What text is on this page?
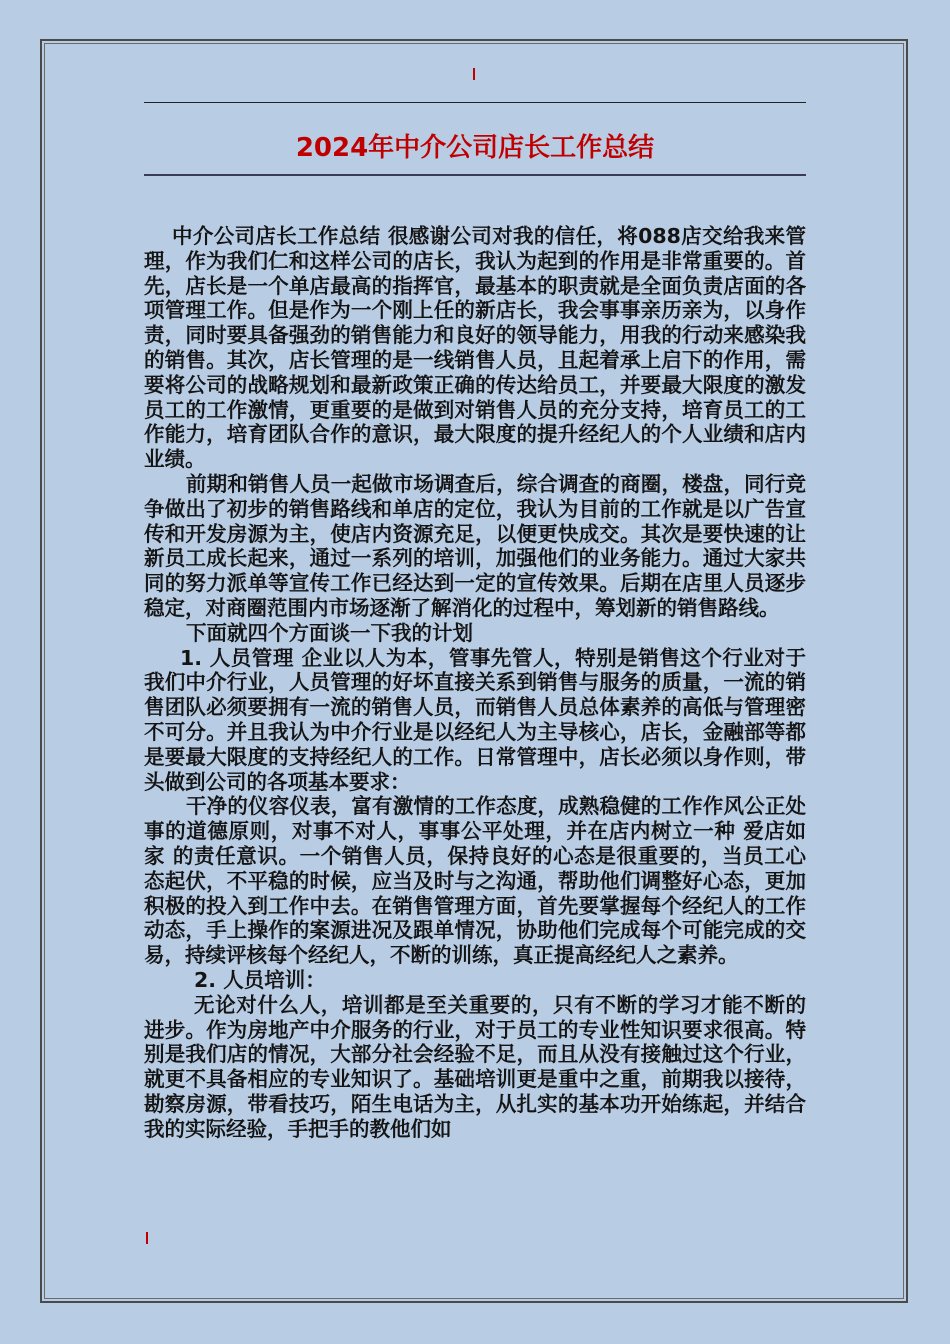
2024年中介公司店长工作总结

中介公司店长工作总结 很感谢公司对我的信任，将088店交给我来管理，作为我们仁和这样公司的店长，我认为起到的作用是非常重要的。首先，店长是一个单店最高的指挥官，最基本的职责就是全面负责店面的各项管理工作。但是作为一个刚上任的新店长，我会事事亲历亲为，以身作责，同时要具备强劲的销售能力和良好的领导能力，用我的行动来感染我的销售。其次，店长管理的是一线销售人员，且起着承上启下的作用，需要将公司的战略规划和最新政策正确的传达给员工，并要最大限度的激发员工的工作激情，更重要的是做到对销售人员的充分支持，培育员工的工作能力，培育团队合作的意识，最大限度的提升经纪人的个人业绩和店内业绩。

前期和销售人员一起做市场调查后，综合调查的商圈，楼盘，同行竞争做出了初步的销售路线和单店的定位，我认为目前的工作就是以广告宣传和开发房源为主，使店内资源充足，以便更快成交。其次是要快速的让新员工成长起来，通过一系列的培训，加强他们的业务能力。通过大家共同的努力派单等宣传工作已经达到一定的宣传效果。后期在店里人员逐步稳定，对商圈范围内市场逐渐了解消化的过程中，筹划新的销售路线。

下面就四个方面谈一下我的计划

1. 人员管理 企业以人为本，管事先管人，特别是销售这个行业对于我们中介行业，人员管理的好坏直接关系到销售与服务的质量，一流的销售团队必须要拥有一流的销售人员，而销售人员总体素养的高低与管理密不可分。并且我认为中介行业是以经纪人为主导核心，店长，金融部等都是要最大限度的支持经纪人的工作。日常管理中，店长必须以身作则，带头做到公司的各项基本要求：

干净的仪容仪表，富有激情的工作态度，成熟稳健的工作作风公正处事的道德原则，对事不对人，事事公平处理，并在店内树立一种 爱店如家 的责任意识。一个销售人员，保持良好的心态是很重要的，当员工心态起伏，不平稳的时候，应当及时与之沟通，帮助他们调整好心态，更加积极的投入到工作中去。在销售管理方面，首先要掌握每个经纪人的工作动态，手上操作的案源进况及跟单情况，协助他们完成每个可能完成的交易，持续评核每个经纪人，不断的训练，真正提高经纪人之素养。

2. 人员培训：

无论对什么人，培训都是至关重要的，只有不断的学习才能不断的进步。作为房地产中介服务的行业，对于员工的专业性知识要求很高。特别是我们店的情况，大部分社会经验不足，而且从没有接触过这个行业，就更不具备相应的专业知识了。基础培训更是重中之重，前期我以接待，勘察房源，带看技巧，陌生电话为主，从扎实的基本功开始练起，并结合我的实际经验，手把手的教他们如
